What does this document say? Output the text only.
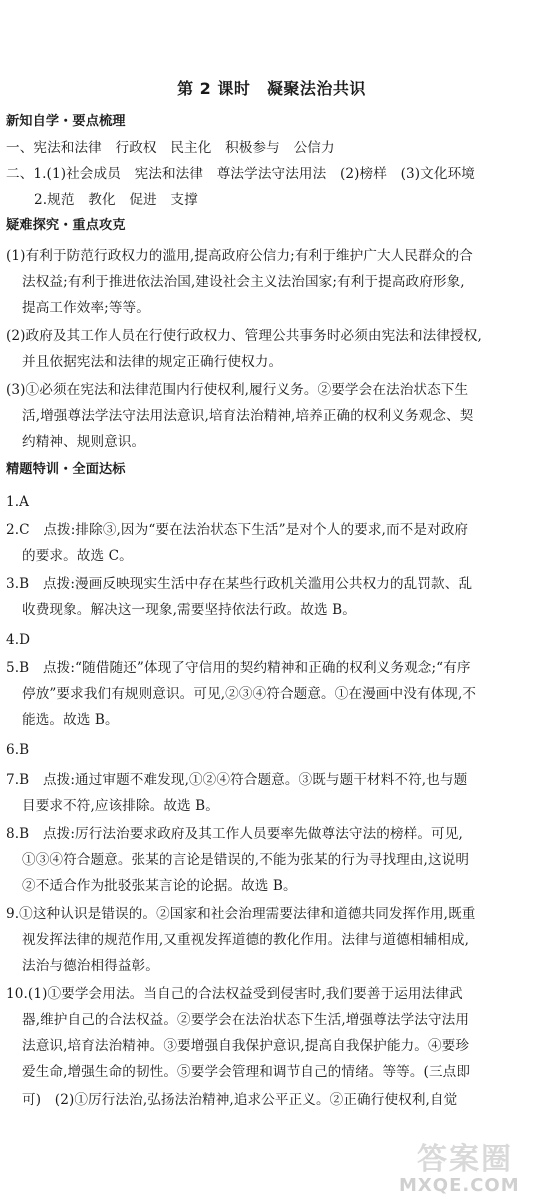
第 2 课时　凝聚法治共识
新知自学・要点梳理
一、宪法和法律　行政权　民主化　积极参与　公信力
二、1.(1)社会成员　宪法和法律　尊法学法守法用法　(2)榜样　(3)文化环境
2.规范　教化　促进　支撑
疑难探究・重点攻克
(1)有利于防范行政权力的滥用,提高政府公信力;有利于维护广大人民群众的合
法权益;有利于推进依法治国,建设社会主义法治国家;有利于提高政府形象,
提高工作效率;等等。
(2)政府及其工作人员在行使行政权力、管理公共事务时必须由宪法和法律授权,
并且依据宪法和法律的规定正确行使权力。
(3)①必须在宪法和法律范围内行使权利,履行义务。②要学会在法治状态下生
活,增强尊法学法守法用法意识,培育法治精神,培养正确的权利义务观念、契
约精神、规则意识。
精题特训・全面达标
1.A
2.C　点拨:排除③,因为“要在法治状态下生活”是对个人的要求,而不是对政府
的要求。故选 C。
3.B　点拨:漫画反映现实生活中存在某些行政机关滥用公共权力的乱罚款、乱
收费现象。解决这一现象,需要坚持依法行政。故选 B。
4.D
5.B　点拨:“随借随还”体现了守信用的契约精神和正确的权利义务观念;“有序
停放”要求我们有规则意识。可见,②③④符合题意。①在漫画中没有体现,不
能选。故选 B。
6.B
7.B　点拨:通过审题不难发现,①②④符合题意。③既与题干材料不符,也与题
目要求不符,应该排除。故选 B。
8.B　点拨:厉行法治要求政府及其工作人员要率先做尊法守法的榜样。可见,
①③④符合题意。张某的言论是错误的,不能为张某的行为寻找理由,这说明
②不适合作为批驳张某言论的论据。故选 B。
9.①这种认识是错误的。②国家和社会治理需要法律和道德共同发挥作用,既重
视发挥法律的规范作用,又重视发挥道德的教化作用。法律与道德相辅相成,
法治与德治相得益彰。
10.(1)①要学会用法。当自己的合法权益受到侵害时,我们要善于运用法律武
器,维护自己的合法权益。②要学会在法治状态下生活,增强尊法学法守法用
法意识,培育法治精神。③要增强自我保护意识,提高自我保护能力。④要珍
爱生命,增强生命的韧性。⑤要学会管理和调节自己的情绪。等等。(三点即
可)　(2)①厉行法治,弘扬法治精神,追求公平正义。②正确行使权利,自觉
答案圈
MXQE.COM
